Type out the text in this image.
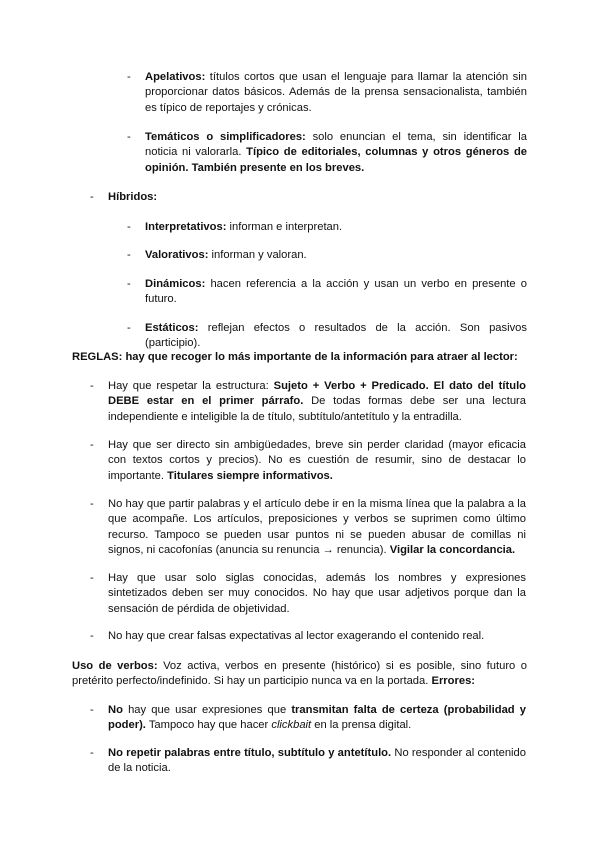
- Apelativos: títulos cortos que usan el lenguaje para llamar la atención sin proporcionar datos básicos. Además de la prensa sensacionalista, también es típico de reportajes y crónicas.
- Temáticos o simplificadores: solo enuncian el tema, sin identificar la noticia ni valorarla. Típico de editoriales, columnas y otros géneros de opinión. También presente en los breves.
- Híbridos:
- Interpretativos: informan e interpretan.
- Valorativos: informan y valoran.
- Dinámicos: hacen referencia a la acción y usan un verbo en presente o futuro.
- Estáticos: reflejan efectos o resultados de la acción. Son pasivos (participio).
REGLAS: hay que recoger lo más importante de la información para atraer al lector:
- Hay que respetar la estructura: Sujeto + Verbo + Predicado. El dato del título DEBE estar en el primer párrafo. De todas formas debe ser una lectura independiente e inteligible la de título, subtítulo/antetítulo y la entradilla.
- Hay que ser directo sin ambigüedades, breve sin perder claridad (mayor eficacia con textos cortos y precios). No es cuestión de resumir, sino de destacar lo importante. Titulares siempre informativos.
- No hay que partir palabras y el artículo debe ir en la misma línea que la palabra a la que acompañe. Los artículos, preposiciones y verbos se suprimen como último recurso. Tampoco se pueden usar puntos ni se pueden abusar de comillas ni signos, ni cacofonías (anuncia su renuncia → renuncia). Vigilar la concordancia.
- Hay que usar solo siglas conocidas, además los nombres y expresiones sintetizados deben ser muy conocidos. No hay que usar adjetivos porque dan la sensación de pérdida de objetividad.
- No hay que crear falsas expectativas al lector exagerando el contenido real.
Uso de verbos: Voz activa, verbos en presente (histórico) si es posible, sino futuro o pretérito perfecto/indefinido. Si hay un participio nunca va en la portada. Errores:
- No hay que usar expresiones que transmitan falta de certeza (probabilidad y poder). Tampoco hay que hacer clickbait en la prensa digital.
- No repetir palabras entre título, subtítulo y antetítulo. No responder al contenido de la noticia.
